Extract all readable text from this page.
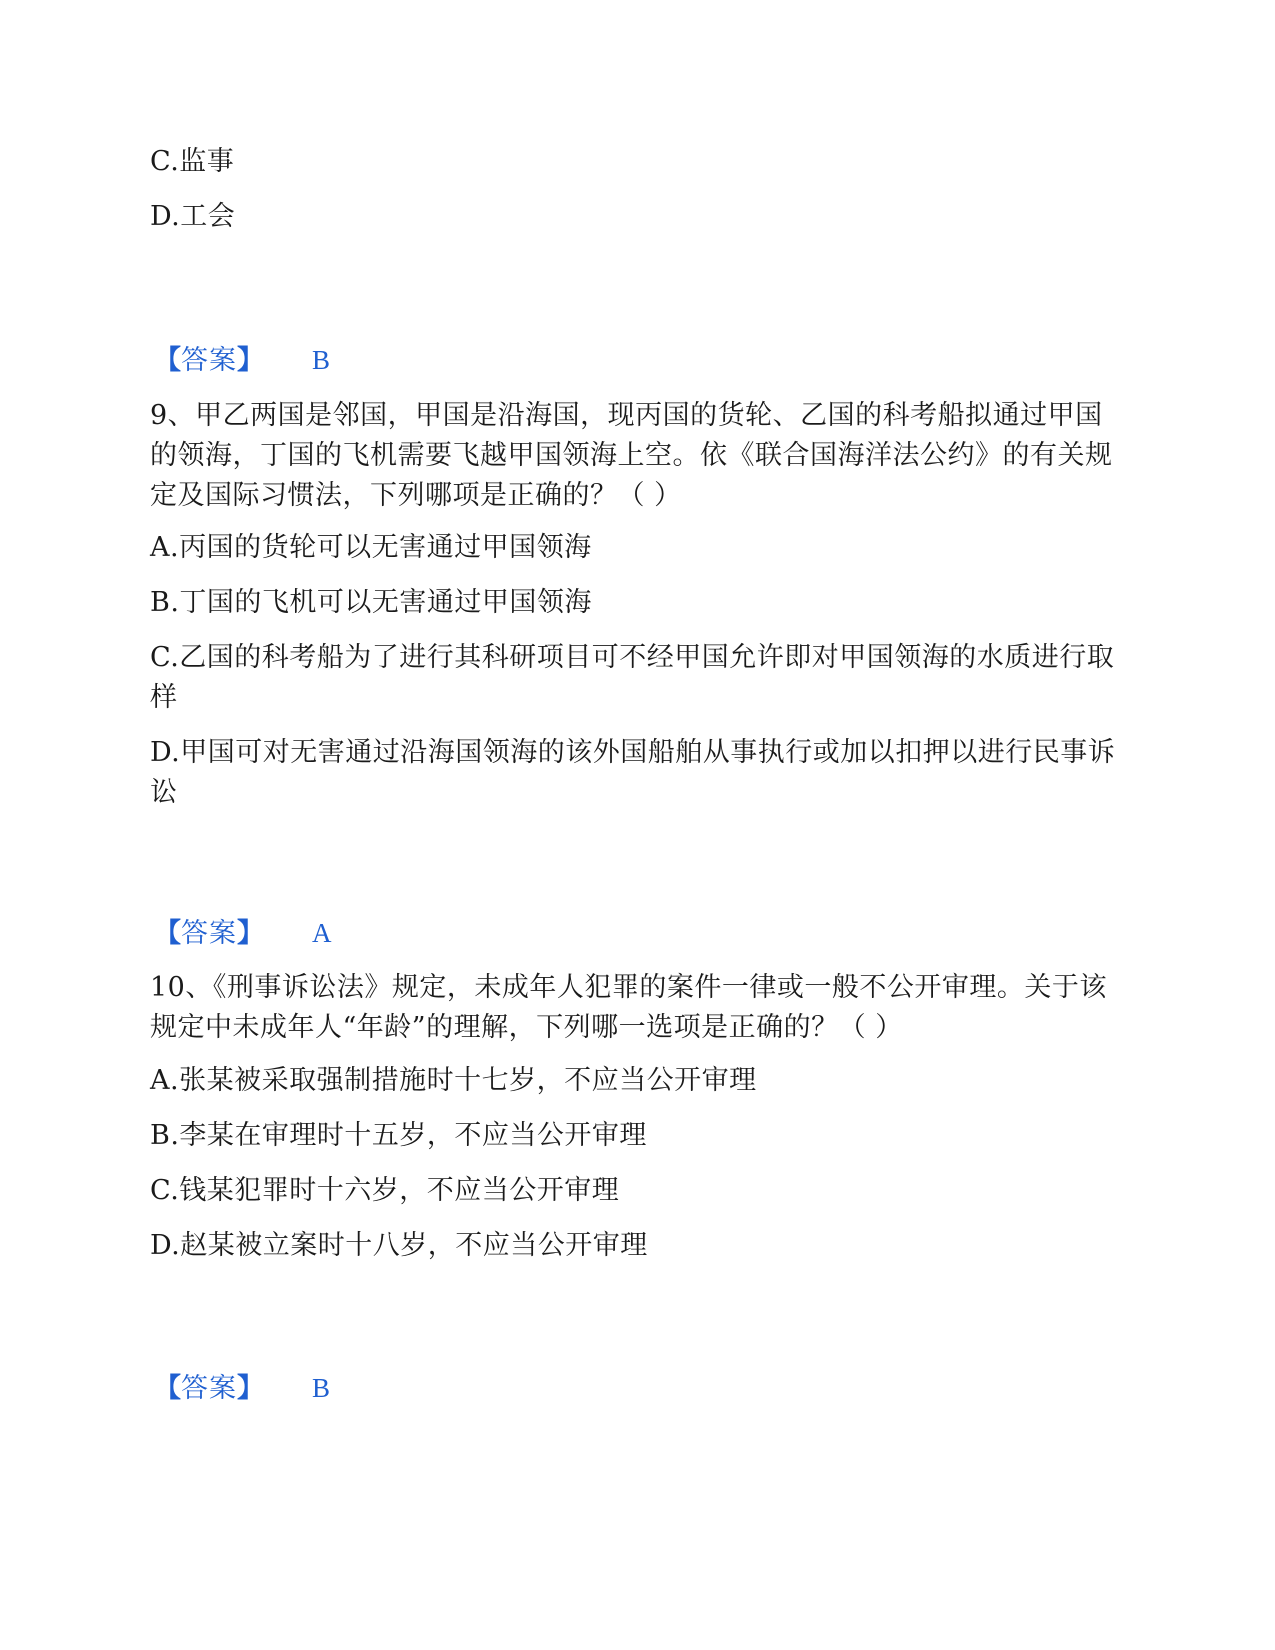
C.监事
D.工会
【答案】 B
9、甲乙两国是邻国，甲国是沿海国，现丙国的货轮、乙国的科考船拟通过甲国的领海，丁国的飞机需要飞越甲国领海上空。依《联合国海洋法公约》的有关规定及国际习惯法，下列哪项是正确的？（ ）
A.丙国的货轮可以无害通过甲国领海
B.丁国的飞机可以无害通过甲国领海
C.乙国的科考船为了进行其科研项目可不经甲国允许即对甲国领海的水质进行取样
D.甲国可对无害通过沿海国领海的该外国船舶从事执行或加以扣押以进行民事诉讼
【答案】 A
10、《刑事诉讼法》规定，未成年人犯罪的案件一律或一般不公开审理。关于该规定中未成年人“年龄”的理解，下列哪一选项是正确的？（ ）
A.张某被采取强制措施时十七岁，不应当公开审理
B.李某在审理时十五岁，不应当公开审理
C.钱某犯罪时十六岁，不应当公开审理
D.赵某被立案时十八岁，不应当公开审理
【答案】 B
